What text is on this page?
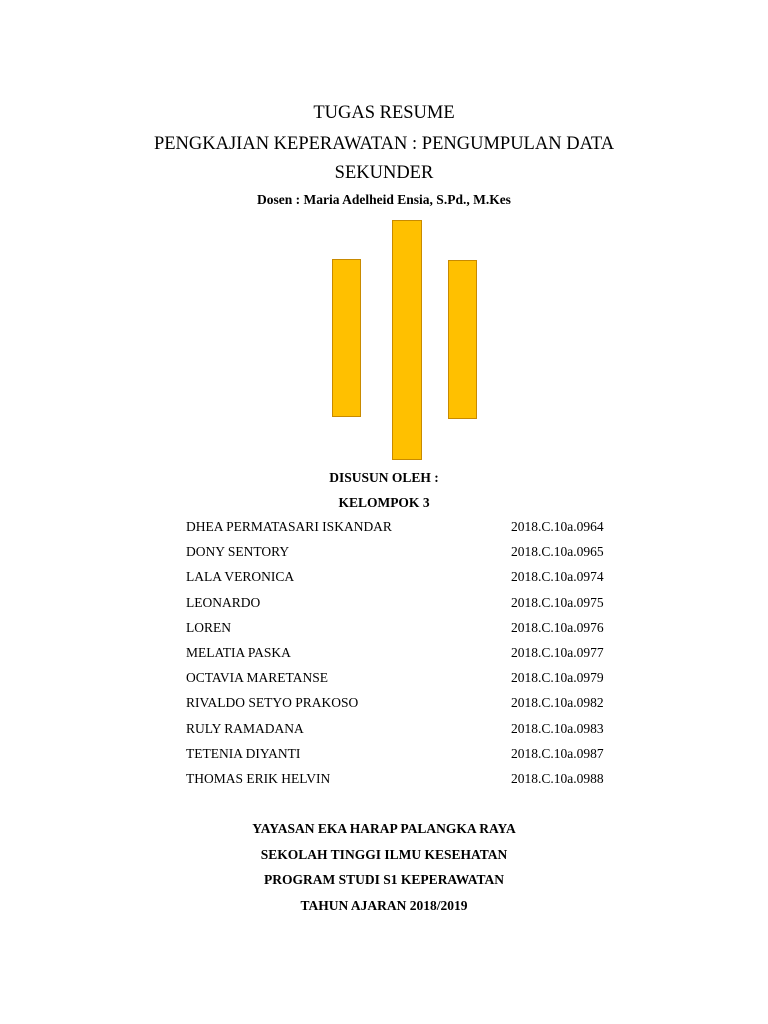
TUGAS RESUME
PENGKAJIAN KEPERAWATAN : PENGUMPULAN DATA
SEKUNDER
Dosen : Maria Adelheid Ensia, S.Pd., M.Kes
DISUSUN OLEH :
KELOMPOK 3
DHEA PERMATASARI ISKANDAR	2018.C.10a.0964
DONY SENTORY	2018.C.10a.0965
LALA VERONICA	2018.C.10a.0974
LEONARDO	2018.C.10a.0975
LOREN	2018.C.10a.0976
MELATIA PASKA	2018.C.10a.0977
OCTAVIA MARETANSE	2018.C.10a.0979
RIVALDO SETYO PRAKOSO	2018.C.10a.0982
RULY RAMADANA	2018.C.10a.0983
TETENIA DIYANTI	2018.C.10a.0987
THOMAS ERIK HELVIN	2018.C.10a.0988
YAYASAN EKA HARAP PALANGKA RAYA
SEKOLAH TINGGI ILMU KESEHATAN
PROGRAM STUDI S1 KEPERAWATAN
TAHUN AJARAN 2018/2019
